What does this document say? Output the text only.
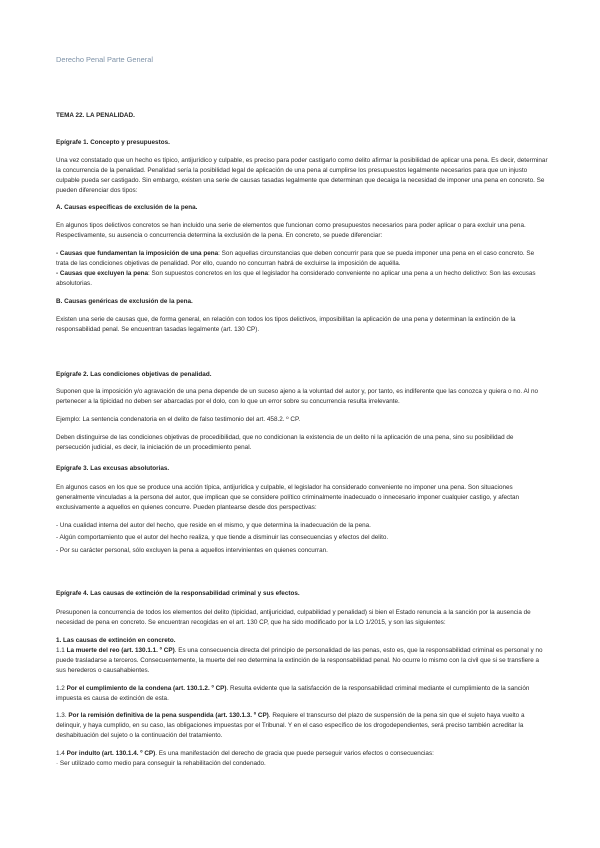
Derecho Penal Parte General

TEMA 22. LA PENALIDAD.

Epígrafe 1. Concepto y presupuestos.

Una vez constatado que un hecho es típico, antijurídico y culpable, es preciso para poder castigarlo como delito afirmar la posibilidad de aplicar una pena. Es decir, determinar la concurrencia de la penalidad. Penalidad sería la posibilidad legal de aplicación de una pena al cumplirse los presupuestos legalmente necesarios para que un injusto culpable pueda ser castigado. Sin embargo, existen una serie de causas tasadas legalmente que determinan que decaiga la necesidad de imponer una pena en concreto. Se pueden diferenciar dos tipos:

A. Causas específicas de exclusión de la pena.

En algunos tipos delictivos concretos se han incluido una serie de elementos que funcionan como presupuestos necesarios para poder aplicar o para excluir una pena. Respectivamente, su ausencia o concurrencia determina la exclusión de la pena. En concreto, se puede diferenciar:

- Causas que fundamentan la imposición de una pena: Son aquellas circunstancias que deben concurrir para que se pueda imponer una pena en el caso concreto. Se trata de las condiciones objetivas de penalidad. Por ello, cuando no concurran habrá de excluirse la imposición de aquélla.

- Causas que excluyen la pena: Son supuestos concretos en los que el legislador ha considerado conveniente no aplicar una pena a un hecho delictivo: Son las excusas absolutorias.

B. Causas genéricas de exclusión de la pena.

Existen una serie de causas que, de forma general, en relación con todos los tipos delictivos, imposibilitan la aplicación de una pena y determinan la extinción de la responsabilidad penal. Se encuentran tasadas legalmente (art. 130 CP).

Epígrafe 2. Las condiciones objetivas de penalidad.

Suponen que la imposición y/o agravación de una pena depende de un suceso ajeno a la voluntad del autor y, por tanto, es indiferente que las conozca y quiera o no. Al no pertenecer a la tipicidad no deben ser abarcadas por el dolo, con lo que un error sobre su concurrencia resulta irrelevante.

Ejemplo: La sentencia condenatoria en el delito de falso testimonio del art. 458.2. º CP.

Deben distinguirse de las condiciones objetivas de procedibilidad, que no condicionan la existencia de un delito ni la aplicación de una pena, sino su posibilidad de persecución judicial, es decir, la iniciación de un procedimiento penal.

Epígrafe 3. Las excusas absolutorias.

En algunos casos en los que se produce una acción típica, antijurídica y culpable, el legislador ha considerado conveniente no imponer una pena. Son situaciones generalmente vinculadas a la persona del autor, que implican que se considere político criminalmente inadecuado o innecesario imponer cualquier castigo, y afectan exclusivamente a aquellos en quienes concurre. Pueden plantearse desde dos perspectivas:

- Una cualidad interna del autor del hecho, que reside en el mismo, y que determina la inadecuación de la pena.

- Algún comportamiento que el autor del hecho realiza, y que tiende a disminuir las consecuencias y efectos del delito.

- Por su carácter personal, sólo excluyen la pena a aquellos intervinientes en quienes concurran.

Epígrafe 4. Las causas de extinción de la responsabilidad criminal y sus efectos.

Presuponen la concurrencia de todos los elementos del delito (tipicidad, antijuricidad, culpabilidad y penalidad) si bien el Estado renuncia a la sanción por la ausencia de necesidad de pena en concreto. Se encuentran recogidas en el art. 130 CP, que ha sido modificado por la LO 1/2015, y son las siguientes:

1. Las causas de extinción en concreto.

1.1 La muerte del reo (art. 130.1.1. º CP). Es una consecuencia directa del principio de personalidad de las penas, esto es, que la responsabilidad criminal es personal y no puede trasladarse a terceros. Consecuentemente, la muerte del reo determina la extinción de la responsabilidad penal. No ocurre lo mismo con la civil que si se transfiere a sus herederos o causahabientes.

1.2 Por el cumplimiento de la condena (art. 130.1.2. º CP). Resulta evidente que la satisfacción de la responsabilidad criminal mediante el cumplimiento de la sanción impuesta es causa de extinción de esta.

1.3. Por la remisión definitiva de la pena suspendida (art. 130.1.3. º CP). Requiere el transcurso del plazo de suspensión de la pena sin que el sujeto haya vuelto a delinquir, y haya cumplido, en su caso, las obligaciones impuestas por el Tribunal. Y en el caso específico de los drogodependientes, será preciso también acreditar la deshabituación del sujeto o la continuación del tratamiento.

1.4 Por indulto (art. 130.1.4. º CP). Es una manifestación del derecho de gracia que puede perseguir varios efectos o consecuencias:

· Ser utilizado como medio para conseguir la rehabilitación del condenado.
